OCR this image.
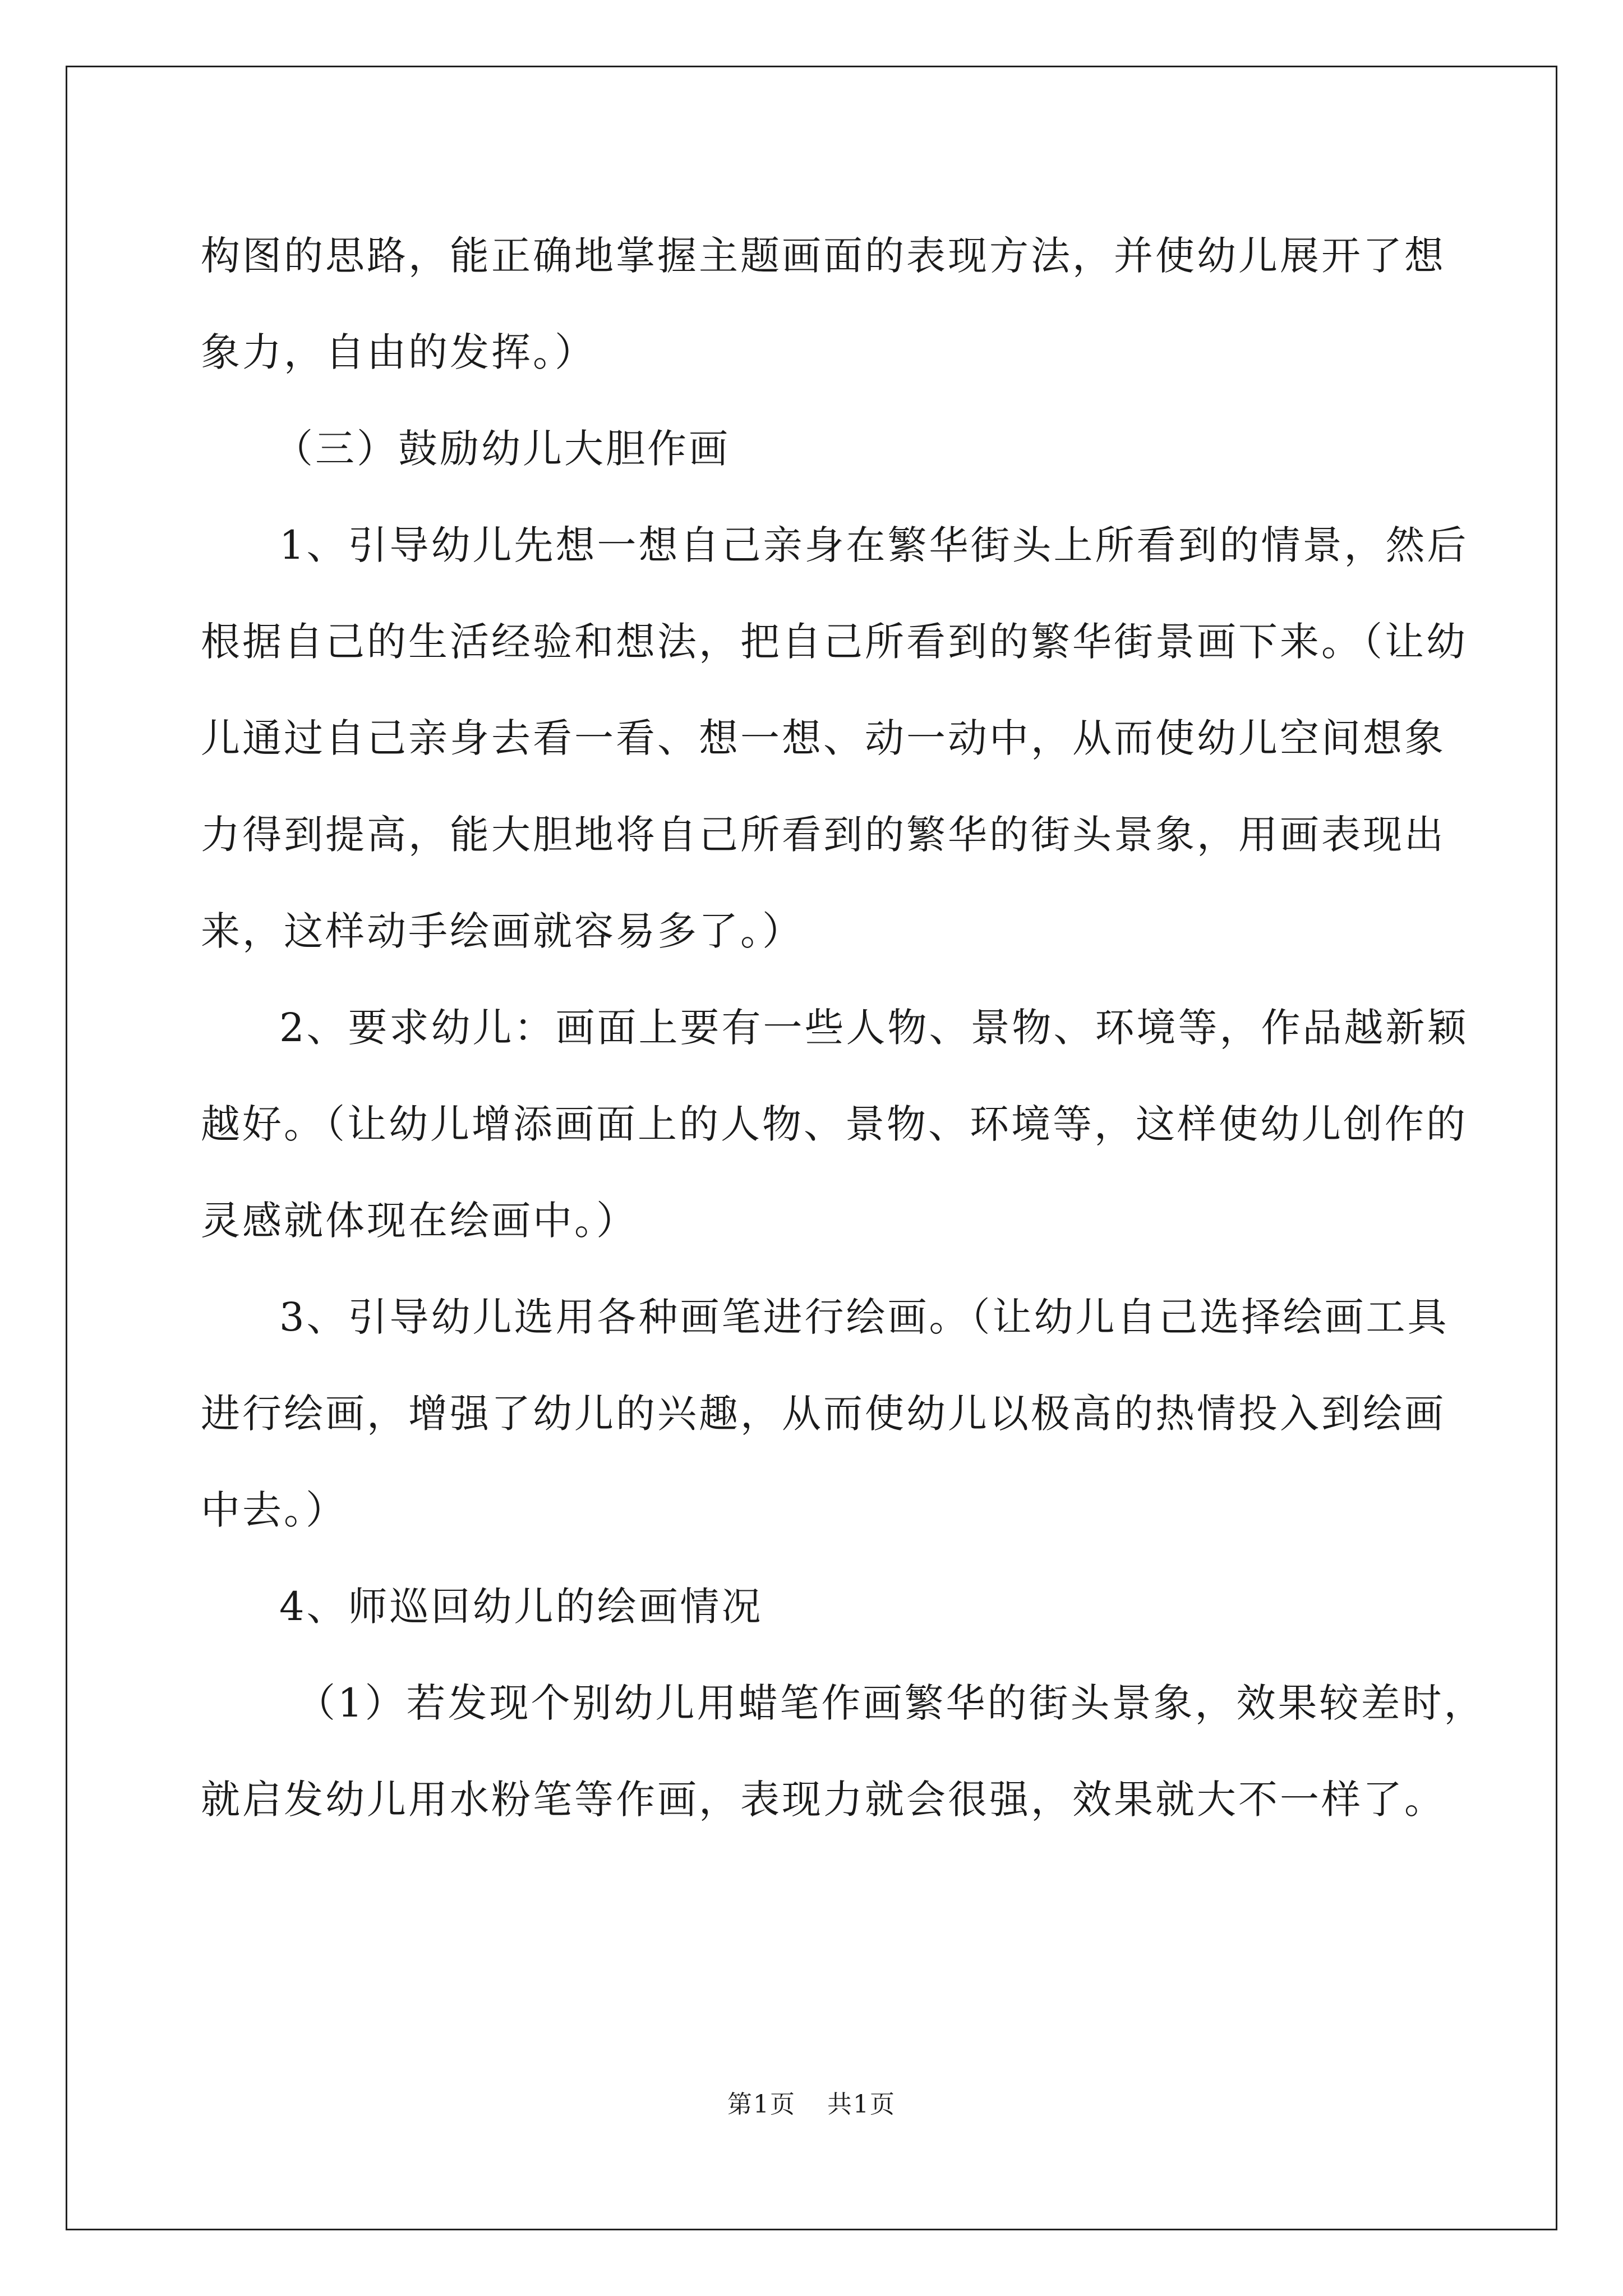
构图的思路，能正确地掌握主题画面的表现方法，并使幼儿展开了想

象力，自由的发挥。）

（三）鼓励幼儿大胆作画

1、引导幼儿先想一想自己亲身在繁华街头上所看到的情景，然后

根据自己的生活经验和想法，把自己所看到的繁华街景画下来。（让幼

儿通过自己亲身去看一看、想一想、动一动中，从而使幼儿空间想象

力得到提高，能大胆地将自己所看到的繁华的街头景象，用画表现出

来，这样动手绘画就容易多了。）

2、要求幼儿：画面上要有一些人物、景物、环境等，作品越新颖

越好。（让幼儿增添画面上的人物、景物、环境等，这样使幼儿创作的

灵感就体现在绘画中。）

3、引导幼儿选用各种画笔进行绘画。（让幼儿自己选择绘画工具

进行绘画，增强了幼儿的兴趣，从而使幼儿以极高的热情投入到绘画

中去。）

4、师巡回幼儿的绘画情况

（1）若发现个别幼儿用蜡笔作画繁华的街头景象，效果较差时，

就启发幼儿用水粉笔等作画，表现力就会很强，效果就大不一样了。

第1页 共1页
